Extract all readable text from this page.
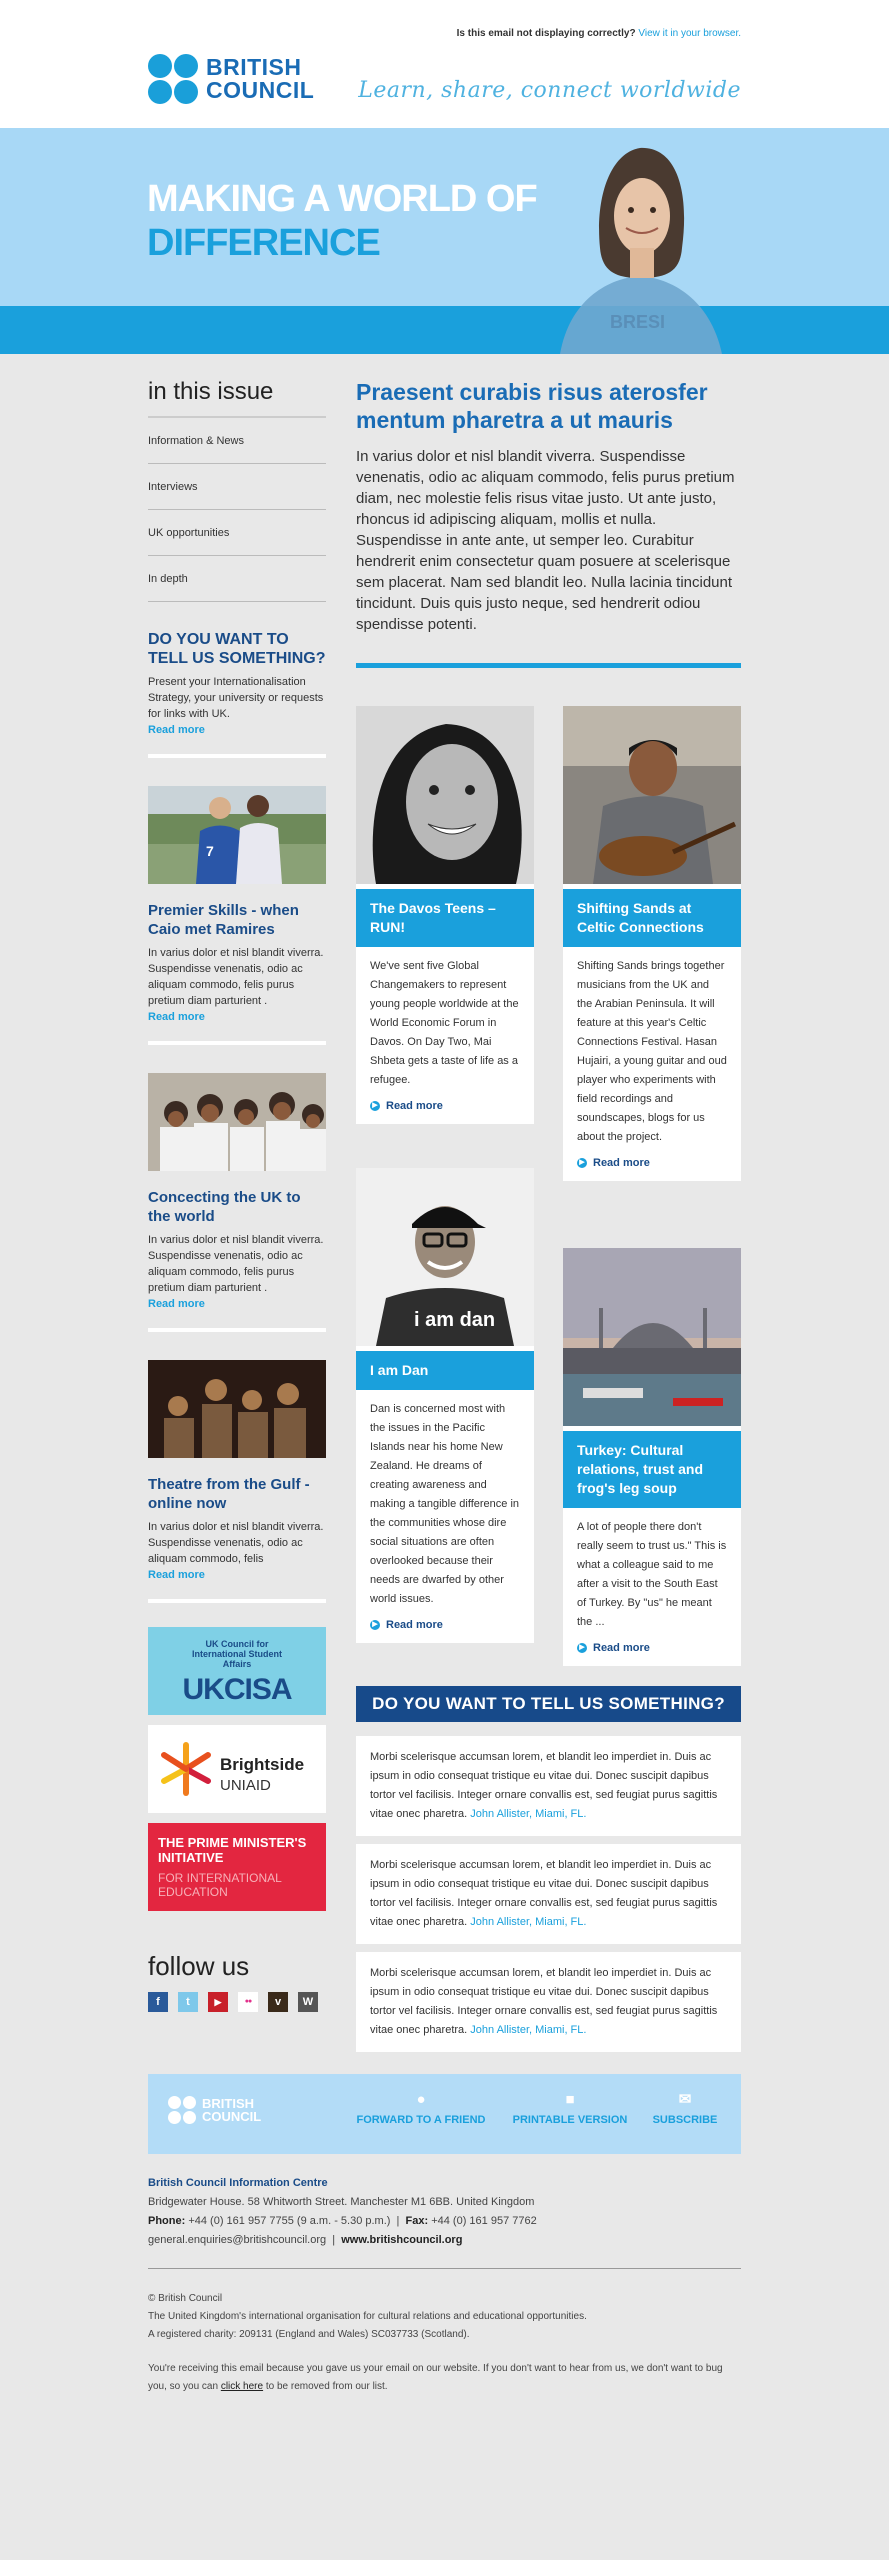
Is this email not displaying correctly? View it in your browser.
BRITISH
COUNCIL Learn, share, connect worldwide
BRESI
MAKING A WORLD OF
DIFFERENCE
in this issue
Information & News
Interviews
UK opportunities
In depth
DO YOU WANT TO TELL US SOMETHING?
Present your Internationalisation Strategy, your university or requests for links with UK.
Read more
7
Premier Skills - when Caio met Ramires
In varius dolor et nisl blandit viverra. Suspendisse venenatis, odio ac aliquam commodo, felis purus pretium diam parturient .
Read more
Concecting the UK to the world
In varius dolor et nisl blandit viverra. Suspendisse venenatis, odio ac aliquam commodo, felis purus pretium diam parturient .
Read more
Theatre from the Gulf - online now
In varius dolor et nisl blandit viverra. Suspendisse venenatis, odio ac aliquam commodo, felis
Read more
UK Council for International Student Affairs
UKCISA
Brightside
UNIAID
THE PRIME MINISTER'S INITIATIVE
FOR INTERNATIONAL EDUCATION
follow us
f	t	▶	●●	v	W
Praesent curabis risus aterosfer mentum pharetra a ut mauris
In varius dolor et nisl blandit viverra. Suspendisse venenatis, odio ac aliquam commodo, felis purus pretium diam, nec molestie felis risus vitae justo. Ut ante justo, rhoncus id adipiscing aliquam, mollis et nulla. Suspendisse in ante ante, ut semper leo. Curabitur hendrerit enim consectetur quam posuere at scelerisque sem placerat. Nam sed blandit leo. Nulla lacinia tincidunt tincidunt. Duis quis justo neque, sed hendrerit odiou spendisse potenti.
The Davos Teens – RUN!
We've sent five Global Changemakers to represent young people worldwide at the World Economic Forum in Davos. On Day Two, Mai Shbeta gets a taste of life as a refugee.
▶ Read more
Shifting Sands at Celtic Connections
Shifting Sands brings together musicians from the UK and the Arabian Peninsula. It will feature at this year's Celtic Connections Festival. Hasan Hujairi, a young guitar and oud player who experiments with field recordings and soundscapes, blogs for us about the project.
▶ Read more
i am dan
I am Dan
Dan is concerned most with the issues in the Pacific Islands near his home New Zealand. He dreams of creating awareness and making a tangible difference in the communities whose dire social situations are often overlooked because their needs are dwarfed by other world issues.
▶ Read more
Turkey: Cultural relations, trust and frog's leg soup
A lot of people there don't really seem to trust us." This is what a colleague said to me after a visit to the South East of Turkey. By "us" he meant the ...
▶ Read more
DO YOU WANT TO TELL US SOMETHING?
Morbi scelerisque accumsan lorem, et blandit leo imperdiet in. Duis ac ipsum in odio consequat tristique eu vitae dui. Donec suscipit dapibus tortor vel facilisis. Integer ornare convallis est, sed feugiat purus sagittis vitae onec pharetra. John Allister, Miami, FL.
Morbi scelerisque accumsan lorem, et blandit leo imperdiet in. Duis ac ipsum in odio consequat tristique eu vitae dui. Donec suscipit dapibus tortor vel facilisis. Integer ornare convallis est, sed feugiat purus sagittis vitae onec pharetra. John Allister, Miami, FL.
Morbi scelerisque accumsan lorem, et blandit leo imperdiet in. Duis ac ipsum in odio consequat tristique eu vitae dui. Donec suscipit dapibus tortor vel facilisis. Integer ornare convallis est, sed feugiat purus sagittis vitae onec pharetra. John Allister, Miami, FL.
BRITISH
COUNCIL
●
FORWARD TO A FRIEND
■
PRINTABLE VERSION
✉
SUBSCRIBE
British Council Information Centre
Bridgewater House. 58 Whitworth Street. Manchester M1 6BB. United Kingdom
Phone: +44 (0) 161 957 7755 (9 a.m. - 5.30 p.m.)  |  Fax: +44 (0) 161 957 7762
general.enquiries@britishcouncil.org  |  www.britishcouncil.org
© British Council
The United Kingdom's international organisation for cultural relations and educational opportunities.
A registered charity: 209131 (England and Wales) SC037733 (Scotland).
You're receiving this email because you gave us your email on our website. If you don't want to hear from us, we don't want to bug you, so you can click here to be removed from our list.
